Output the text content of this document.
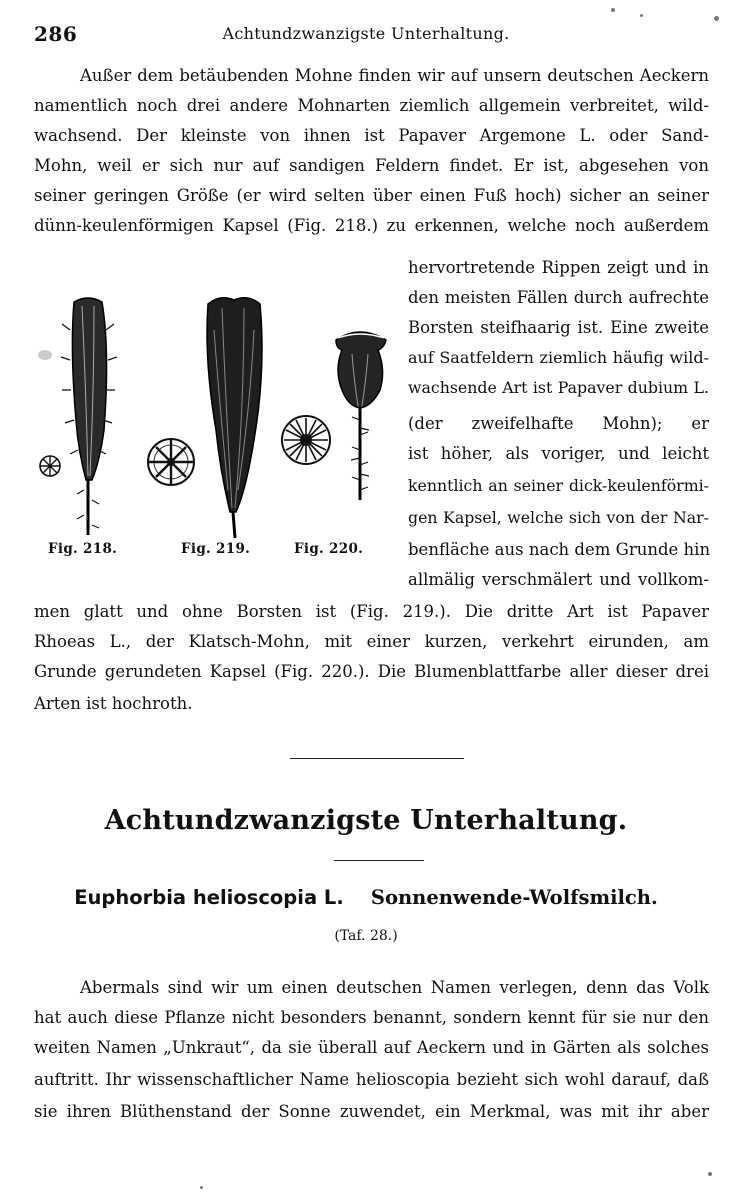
286	Achtundzwanzigste Unterhaltung.
Außer dem betäubenden Mohne finden wir auf unsern deutschen Aeckern
namentlich noch drei andere Mohnarten ziemlich allgemein verbreitet, wild-
wachsend. Der kleinste von ihnen ist Papaver Argemone L. oder Sand-
Mohn, weil er sich nur auf sandigen Feldern findet. Er ist, abgesehen von
seiner geringen Größe (er wird selten über einen Fuß hoch) sicher an seiner
dünn-keulenförmigen Kapsel (Fig. 218.) zu erkennen, welche noch außerdem
hervortretende Rippen zeigt und in
den meisten Fällen durch aufrechte
Borsten steifhaarig ist. Eine zweite
auf Saatfeldern ziemlich häufig wild-
wachsende Art ist Papaver dubium L.
(der zweifelhafte Mohn); er
ist höher, als voriger, und leicht
kenntlich an seiner dick-keulenförmi-
gen Kapsel, welche sich von der Nar-
benfläche aus nach dem Grunde hin
allmälig verschmälert und vollkom-
Fig. 218.	Fig. 219.	Fig. 220.
men glatt und ohne Borsten ist (Fig. 219.). Die dritte Art ist Papaver
Rhoeas L., der Klatsch-Mohn, mit einer kurzen, verkehrt eirunden, am
Grunde gerundeten Kapsel (Fig. 220.). Die Blumenblattfarbe aller dieser drei
Arten ist hochroth.
Achtundzwanzigste Unterhaltung.
Euphorbia helioscopia L. Sonnenwende-Wolfsmilch.
(Taf. 28.)
Abermals sind wir um einen deutschen Namen verlegen, denn das Volk
hat auch diese Pflanze nicht besonders benannt, sondern kennt für sie nur den
weiten Namen „Unkraut“, da sie überall auf Aeckern und in Gärten als solches
auftritt. Ihr wissenschaftlicher Name helioscopia bezieht sich wohl darauf, daß
sie ihren Blüthenstand der Sonne zuwendet, ein Merkmal, was mit ihr aber
